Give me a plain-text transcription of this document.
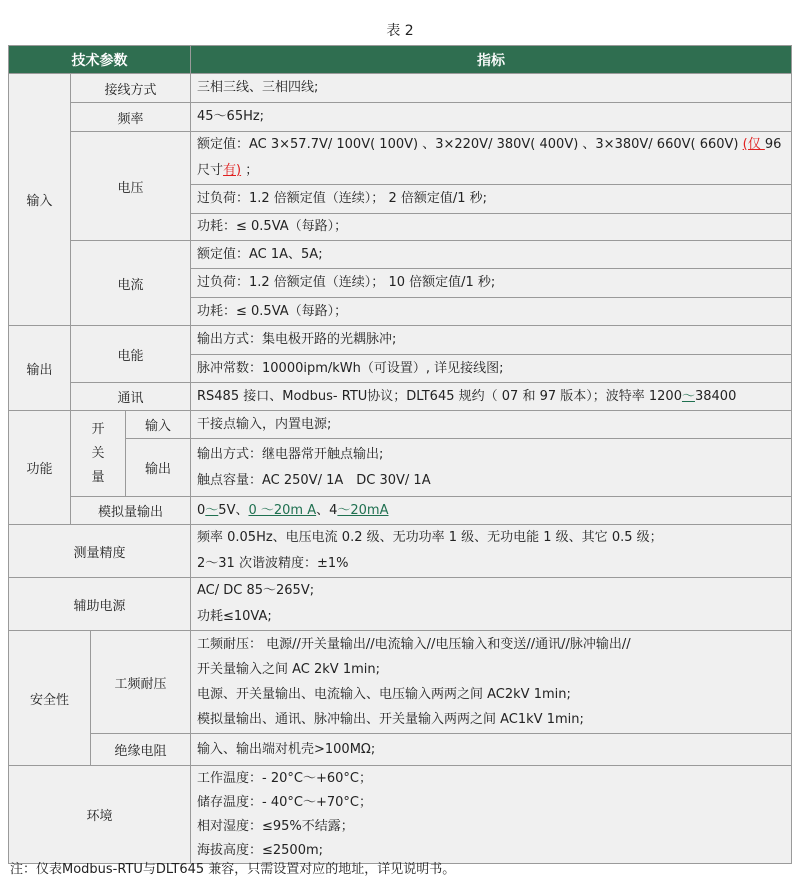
表 2
技术参数				指标
输入	接线方式			三相三线、三相四线;
	频率			45～65Hz;
	电压			额定值：AC 3×57.7V/ 100V( 100V) 、3×220V/ 380V( 400V) 、3×380V/ 660V( 660V) (仅 96 尺寸有) ；
				过负荷：1.2 倍额定值（连续）； 2 倍额定值/1 秒;
				功耗：≤ 0.5VA（每路）；
	电流			额定值：AC 1A、5A;
				过负荷：1.2 倍额定值（连续）； 10 倍额定值/1 秒;
				功耗：≤ 0.5VA（每路）；
输出	电能			输出方式：集电极开路的光耦脉冲;
				脉冲常数：10000ipm/kWh（可设置）, 详见接线图;
	通讯			RS485 接口、Modbus- RTU协议；DLT645 规约（ 07 和 97 版本）；波特率 1200～38400
功能	开
关
量		输入	干接点输入，内置电源;
			输出	输出方式：继电器常开触点输出;
触点容量：AC 250V/ 1A　DC 30V/ 1A

	模拟量输出			0～5V、0 ～20m A、4～20mA
测量精度				频率 0.05Hz、电压电流 0.2 级、无功功率 1 级、无功电能 1 级、其它 0.5 级；
2～31 次谐波精度：±1%

辅助电源				AC/ DC 85～265V;
功耗≤10VA;

安全性		工频耐压		工频耐压： 电源//开关量输出//电流输入//电压输入和变送//通讯//脉冲输出//
开关量输入之间 AC 2kV 1min;
电源、开关量输出、电流输入、电压输入两两之间 AC2kV 1min;
模拟量输出、通讯、脉冲输出、开关量输入两两之间 AC1kV 1min;

		绝缘电阻		输入、输出端对机壳>100MΩ;
环境				工作温度：- 20°C～+60°C；
储存温度：- 40°C～+70°C；
相对湿度：≤95%不结露；
海拔高度：≤2500m;
注：仪表Modbus-RTU与DLT645 兼容，只需设置对应的地址，详见说明书。
